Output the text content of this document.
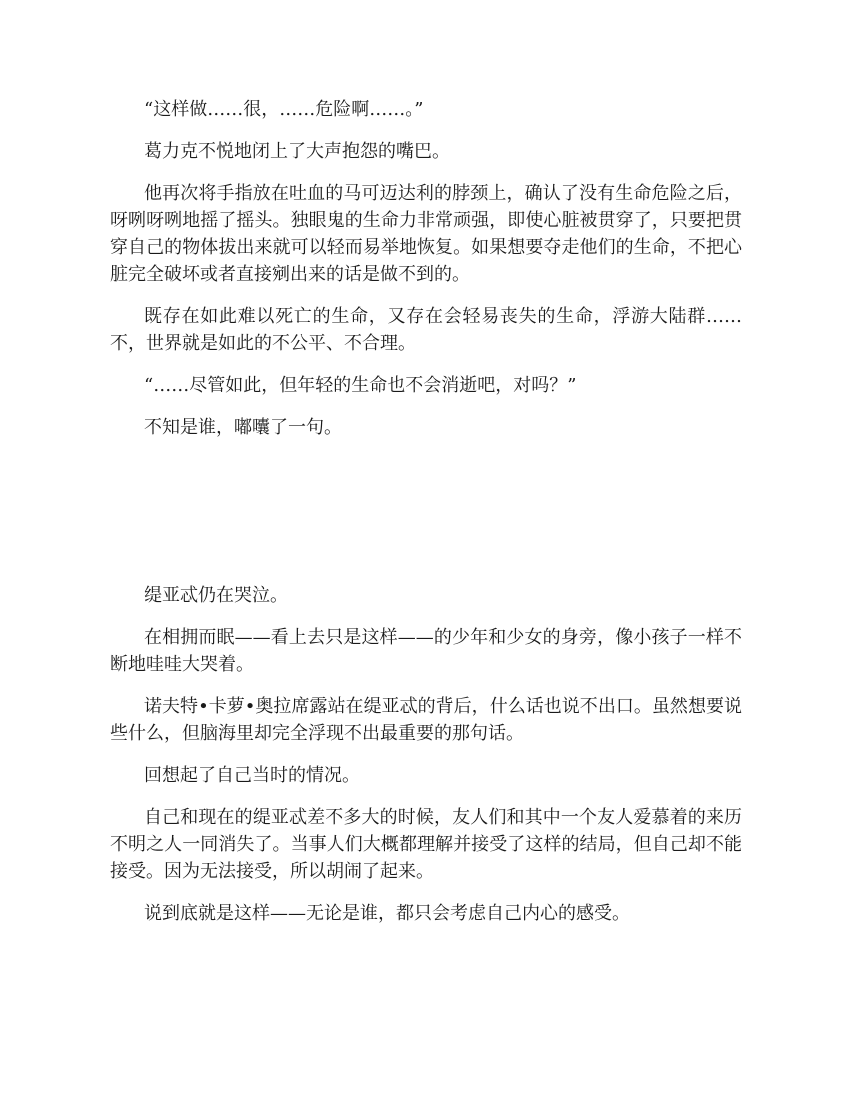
“这样做……很，……危险啊……。”

葛力克不悦地闭上了大声抱怨的嘴巴。

他再次将手指放在吐血的马可迈达利的脖颈上，确认了没有生命危险之后，呀咧呀咧地摇了摇头。独眼鬼的生命力非常顽强，即使心脏被贯穿了，只要把贯穿自己的物体拔出来就可以轻而易举地恢复。如果想要夺走他们的生命，不把心脏完全破坏或者直接剜出来的话是做不到的。

既存在如此难以死亡的生命，又存在会轻易丧失的生命，浮游大陆群……不，世界就是如此的不公平、不合理。

“……尽管如此，但年轻的生命也不会消逝吧，对吗？”

不知是谁，嘟囔了一句。

缇亚忒仍在哭泣。

在相拥而眠——看上去只是这样——的少年和少女的身旁，像小孩子一样不断地哇哇大哭着。

诺夫特•卡萝•奥拉席露站在缇亚忒的背后，什么话也说不出口。虽然想要说些什么，但脑海里却完全浮现不出最重要的那句话。

回想起了自己当时的情况。

自己和现在的缇亚忒差不多大的时候，友人们和其中一个友人爱慕着的来历不明之人一同消失了。当事人们大概都理解并接受了这样的结局，但自己却不能接受。因为无法接受，所以胡闹了起来。

说到底就是这样——无论是谁，都只会考虑自己内心的感受。
